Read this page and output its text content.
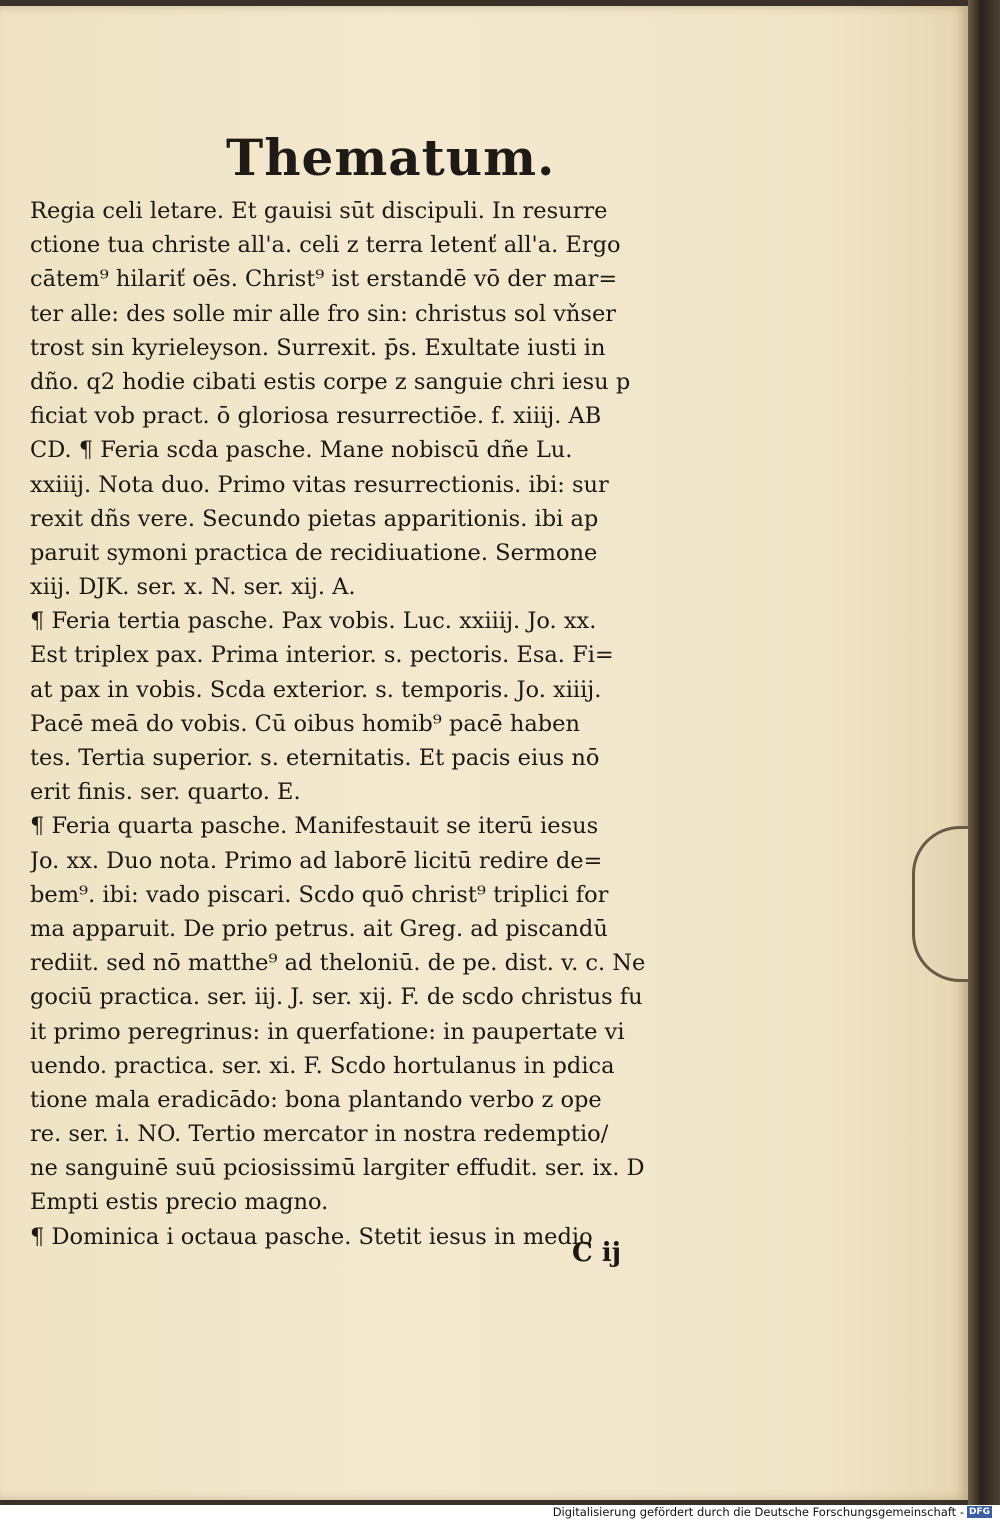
Thematum.
Regia celi letare. Et gauisi sūt discipuli. In resurre
ctione tua christe all'a. celi z terra letenť all'a. Ergo
cātem⁹ hilariť oēs. Christ⁹ ist erstandē vō der mar=
ter alle: des solle mir alle fro sin: christus sol vňser
trost sin kyrieleyson. Surrexit. p̄s. Exultate iusti in
dño. q2 hodie cibati estis corpe z sanguie chri iesu p
ficiat vob pract. ō gloriosa resurrectiōe. f. xiiij. AB
CD. ¶ Feria scda pasche. Mane nobiscū dñe Lu.
xxiiij. Nota duo. Primo vitas resurrectionis. ibi: sur
rexit dñs vere. Secundo pietas apparitionis. ibi ap
paruit symoni practica de recidiuatione. Sermone
xiij. DJK. ser. x. N. ser. xij. A.
¶ Feria tertia pasche. Pax vobis. Luc. xxiiij. Jo. xx.
Est triplex pax. Prima interior. s. pectoris. Esa. Fi=
at pax in vobis. Scda exterior. s. temporis. Jo. xiiij.
Pacē meā do vobis. Cū oibus homib⁹ pacē haben
tes. Tertia superior. s. eternitatis. Et pacis eius nō
erit finis. ser. quarto. E.
¶ Feria quarta pasche. Manifestauit se iterū iesus
Jo. xx. Duo nota. Primo ad laborē licitū redire de=
bem⁹. ibi: vado piscari. Scdo quō christ⁹ triplici for
ma apparuit. De prio petrus. ait Greg. ad piscandū
rediit. sed nō matthe⁹ ad theloniū. de pe. dist. v. c. Ne
gociū practica. ser. iij. J. ser. xij. F. de scdo christus fu
it primo peregrinus: in querfatione: in paupertate vi
uendo. practica. ser. xi. F. Scdo hortulanus in pdica
tione mala eradicādo: bona plantando verbo z ope
re. ser. i. NO. Tertio mercator in nostra redemptio/
ne sanguinē suū pciosissimū largiter effudit. ser. ix. D
Empti estis precio magno.
¶ Dominica i octaua pasche. Stetit iesus in medio
C ij
Digitalisierung gefördert durch die Deutsche Forschungsgemeinschaft - DFG
